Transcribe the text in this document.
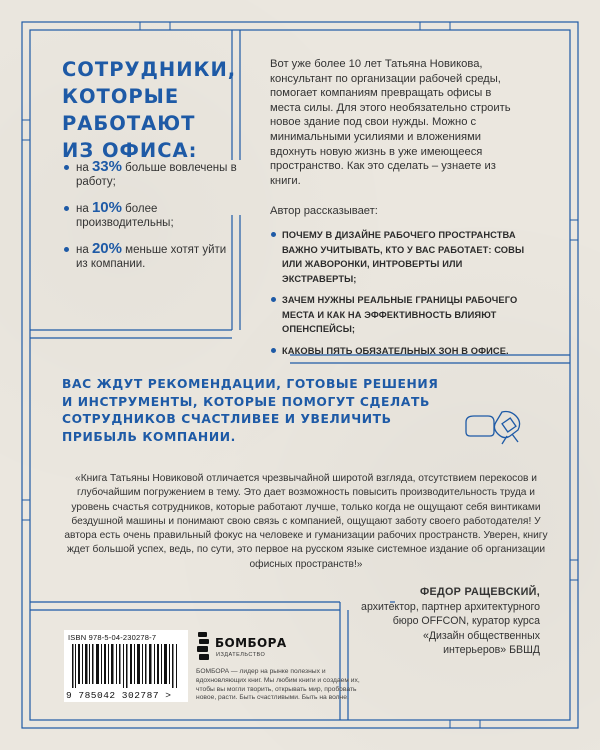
СОТРУДНИКИ,
КОТОРЫЕ
РАБОТАЮТ
ИЗ ОФИСА:
на 33% больше вовлечены в работу;
на 10% более производительны;
на 20% меньше хотят уйти из компании.

Вот уже более 10 лет Татьяна Новикова, консультант по организации рабочей среды, помогает компаниям превращать офисы в места силы. Для этого необязательно строить новое здание под свои нужды. Можно с минимальными усилиями и вложениями вдохнуть новую жизнь в уже имеющееся пространство. Как это сделать – узнаете из книги.

Автор рассказывает:
ПОЧЕМУ В ДИЗАЙНЕ РАБОЧЕГО ПРОСТРАНСТВА ВАЖНО УЧИТЫВАТЬ, КТО У ВАС РАБОТАЕТ: СОВЫ ИЛИ ЖАВОРОНКИ, ИНТРОВЕРТЫ ИЛИ ЭКСТРАВЕРТЫ;
ЗАЧЕМ НУЖНЫ РЕАЛЬНЫЕ ГРАНИЦЫ РАБОЧЕГО МЕСТА И КАК НА ЭФФЕКТИВНОСТЬ ВЛИЯЮТ ОПЕНСПЕЙСЫ;
КАКОВЫ ПЯТЬ ОБЯЗАТЕЛЬНЫХ ЗОН В ОФИСЕ.
ВАС ЖДУТ РЕКОМЕНДАЦИИ, ГОТОВЫЕ РЕШЕНИЯ И ИНСТРУМЕНТЫ, КОТОРЫЕ ПОМОГУТ СДЕЛАТЬ СОТРУДНИКОВ СЧАСТЛИВЕЕ И УВЕЛИЧИТЬ ПРИБЫЛЬ КОМПАНИИ.
«Книга Татьяны Новиковой отличается чрезвычайной широтой взгляда, отсутствием перекосов и глубочайшим погружением в тему. Это дает возможность повысить производительность труда и уровень счастья сотрудников, которые работают лучше, только когда не ощущают себя винтиками бездушной машины и понимают свою связь с компанией, ощущают заботу своего работодателя! У автора есть очень правильный фокус на человеке и гуманизации рабочих пространств. Уверен, книгу ждет большой успех, ведь, по сути, это первое на русском языке системное издание об организации офисных пространств!»
ФЕДОР РАЩЕВСКИЙ,
архитектор, партнер архитектурного бюро OFFCON, куратор курса «Дизайн общественных интерьеров» БВШД
ISBN 978-5-04-230278-7
9 785042 302787 >
БОМБОРА
ИЗДАТЕЛЬСТВО
БОМБОРА — лидер на рынке полезных и вдохновляющих книг. Мы любим книги и создаем их, чтобы вы могли творить, открывать мир, пробовать новое, расти. Быть счастливыми. Быть на волне.
